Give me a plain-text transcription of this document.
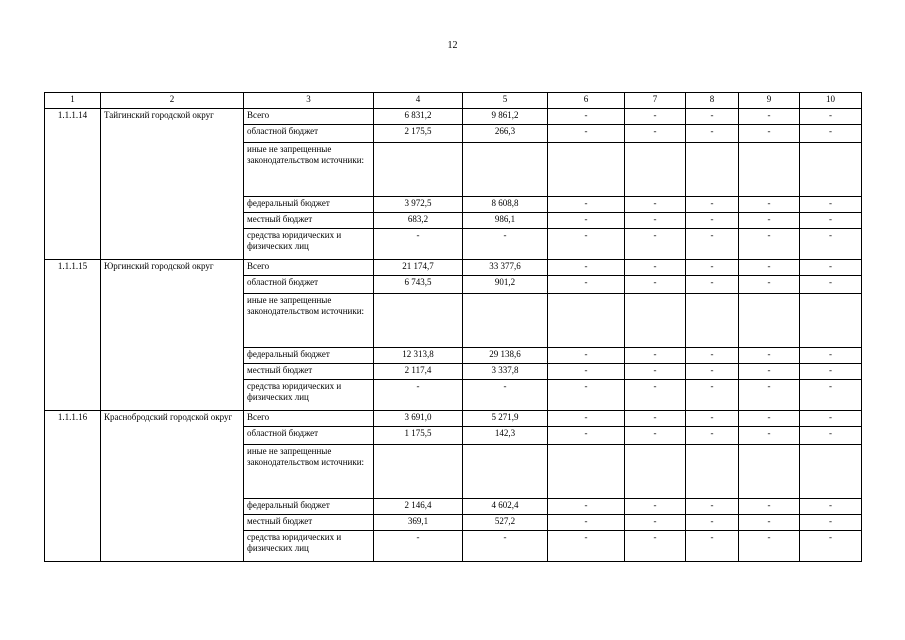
12
1	2	3	4	5	6	7	8	9	10
1.1.1.14	Тайгинский городской округ	Всего	6 831,2	9 861,2	-	-	-	-	-
		областной бюджет	2 175,5	266,3	-	-	-	-	-
		иные не запрещенные законодательством источники:							
		федеральный бюджет	3 972,5	8 608,8	-	-	-	-	-
		местный бюджет	683,2	986,1	-	-	-	-	-
		средства юридических и физических лиц	-	-	-	-	-	-	-
1.1.1.15	Юргинский городской округ	Всего	21 174,7	33 377,6	-	-	-	-	-
		областной бюджет	6 743,5	901,2	-	-	-	-	-
		иные не запрещенные законодательством источники:							
		федеральный бюджет	12 313,8	29 138,6	-	-	-	-	-
		местный бюджет	2 117,4	3 337,8	-	-	-	-	-
		средства юридических и физических лиц	-	-	-	-	-	-	-
1.1.1.16	Краснобродский городской округ	Всего	3 691,0	5 271,9	-	-	-	-	-
		областной бюджет	1 175,5	142,3	-	-	-	-	-
		иные не запрещенные законодательством источники:							
		федеральный бюджет	2 146,4	4 602,4	-	-	-	-	-
		местный бюджет	369,1	527,2	-	-	-	-	-
		средства юридических и физических лиц	-	-	-	-	-	-	-
